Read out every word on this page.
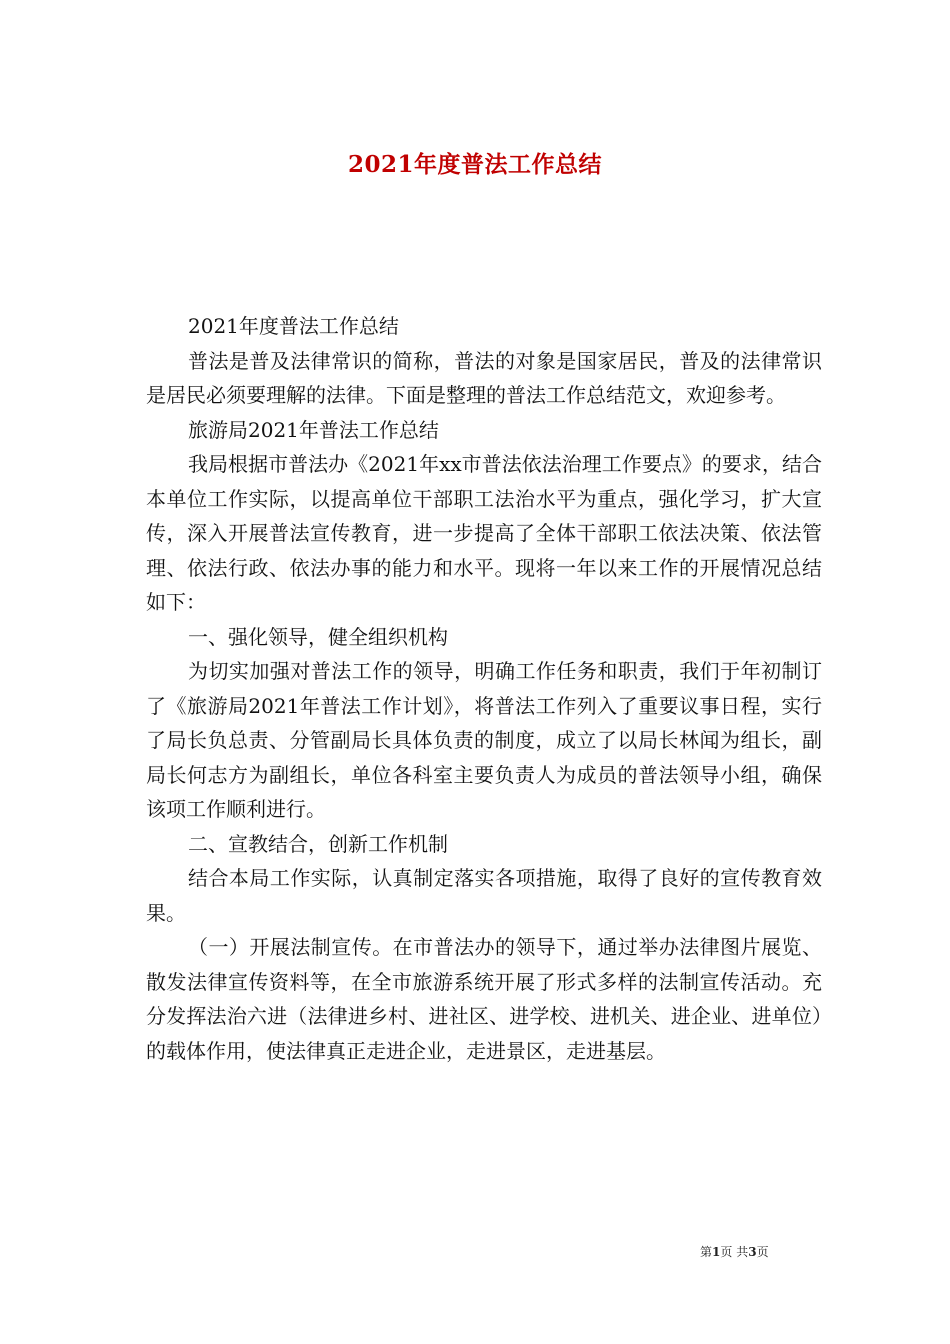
2021年度普法工作总结

2021年度普法工作总结

普法是普及法律常识的简称，普法的对象是国家居民，普及的法律常识是居民必须要理解的法律。下面是整理的普法工作总结范文，欢迎参考。

旅游局2021年普法工作总结

我局根据市普法办《2021年xx市普法依法治理工作要点》的要求，结合本单位工作实际，以提高单位干部职工法治水平为重点，强化学习，扩大宣传，深入开展普法宣传教育，进一步提高了全体干部职工依法决策、依法管理、依法行政、依法办事的能力和水平。现将一年以来工作的开展情况总结如下：

一、强化领导，健全组织机构

为切实加强对普法工作的领导，明确工作任务和职责，我们于年初制订了《旅游局2021年普法工作计划》，将普法工作列入了重要议事日程，实行了局长负总责、分管副局长具体负责的制度，成立了以局长林闻为组长，副局长何志方为副组长，单位各科室主要负责人为成员的普法领导小组，确保该项工作顺利进行。

二、宣教结合，创新工作机制

结合本局工作实际，认真制定落实各项措施，取得了良好的宣传教育效果。

（一）开展法制宣传。在市普法办的领导下，通过举办法律图片展览、散发法律宣传资料等，在全市旅游系统开展了形式多样的法制宣传活动。充分发挥法治六进（法律进乡村、进社区、进学校、进机关、进企业、进单位）的载体作用，使法律真正走进企业，走进景区，走进基层。

第1页 共3页
